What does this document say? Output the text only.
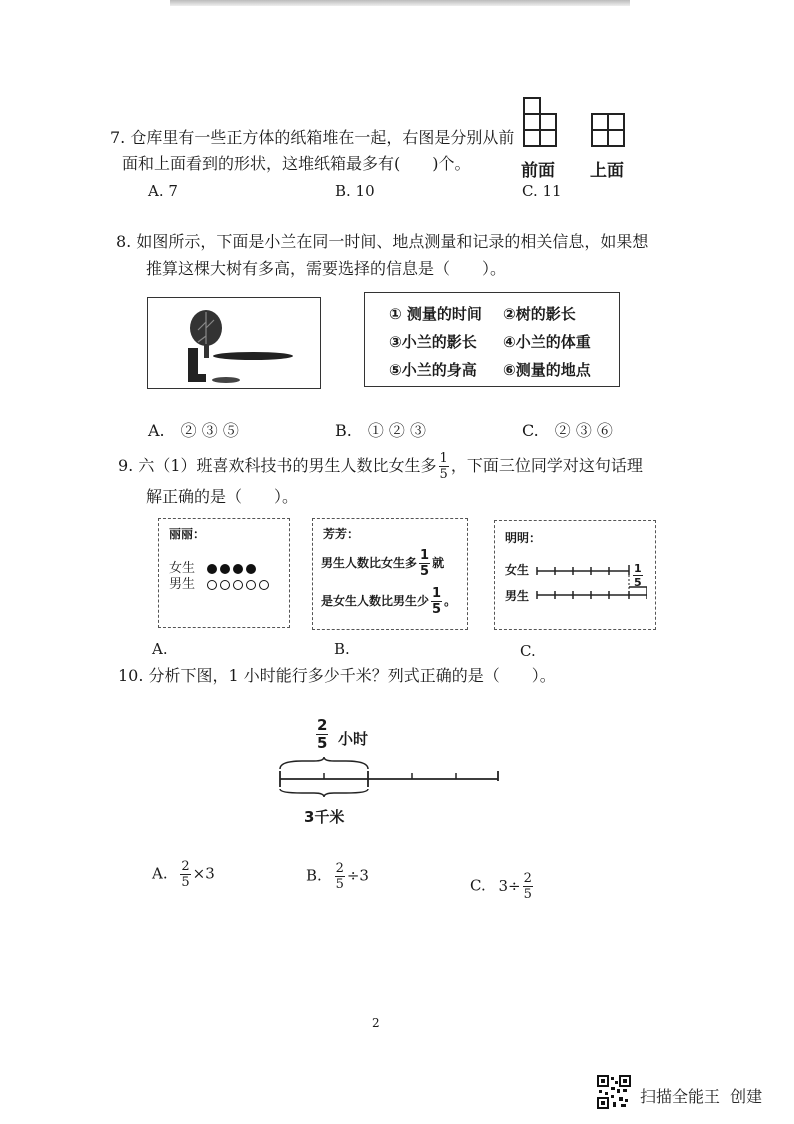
7. 仓库里有一些正方体的纸箱堆在一起，右图是分别从前
面和上面看到的形状，这堆纸箱最多有(　　)个。
A. 7	B. 10	C. 11
前面 上面
8. 如图所示，下面是小兰在同一时间、地点测量和记录的相关信息，如果想
推算这棵大树有多高，需要选择的信息是（　　）。
① 测量的时间 ②树的影长
③小兰的影长 ④小兰的体重
⑤小兰的身高 ⑥测量的地点
A.　② ③ ⑤	B.　① ② ③	C.　② ③ ⑥
9. 六（1）班喜欢科技书的男生人数比女生多 $\frac{1}{5}$ ，下面三位同学对这句话理
解正确的是（　　）。
丽丽：
女生
男生
芳芳：
男生人数比女生多 $\frac{1}{5}$ 就
是女生人数比男生少 $\frac{1}{5}$ 。
明明：
女生
男生
$\frac{1}{5}$
A.	B.	C.
10. 分析下图，1 小时能行多少千米？列式正确的是（　　）。
$\frac{2}{5}$ 小时
3千米
A. $\frac{2}{5} \times 3$	B. $\frac{2}{5} \div 3$
C. $3\div \frac{2}{5}$
2
扫描全能王  创建
